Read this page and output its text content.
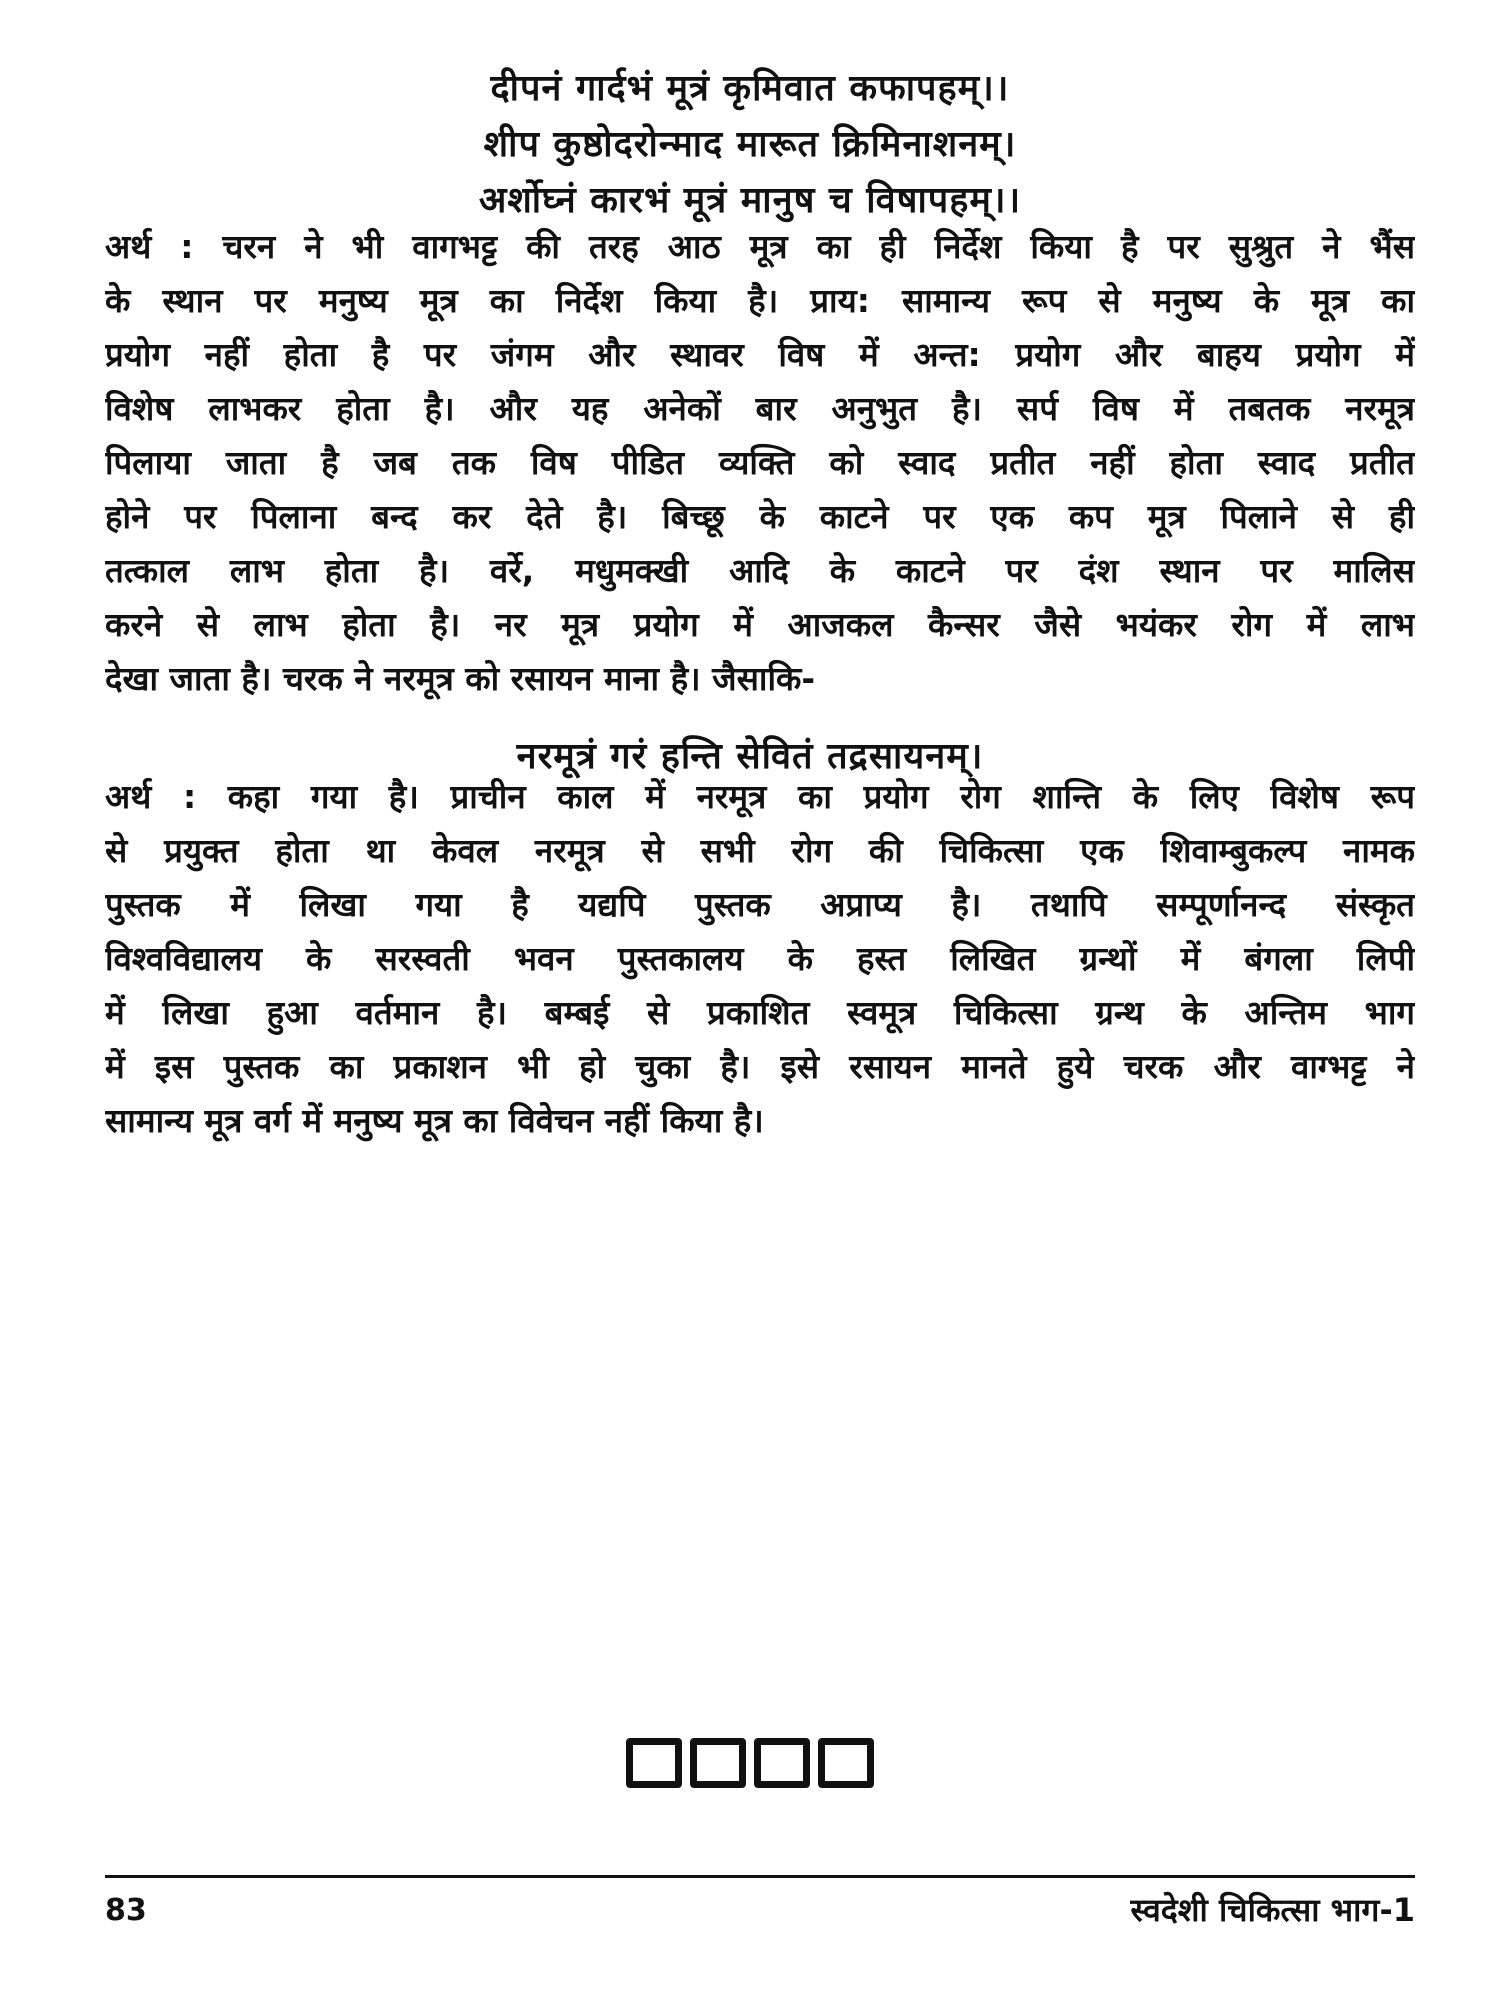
दीपनं गार्दभं मूत्रं कृमिवात कफापहम्।।
शीप कुष्ठोदरोन्माद मारूत क्रिमिनाशनम्।
अर्शोघ्नं कारभं मूत्रं मानुष च विषापहम्।।
अर्थ : चरन ने भी वागभट्ट की तरह आठ मूत्र का ही निर्देश किया है पर सुश्रुत ने भैंस
के स्थान पर मनुष्य मूत्र का निर्देश किया है। प्राय: सामान्य रूप से मनुष्य के मूत्र का
प्रयोग नहीं होता है पर जंगम और स्थावर विष में अन्त: प्रयोग और बाहय प्रयोग में
विशेष लाभकर होता है। और यह अनेकों बार अनुभुत है। सर्प विष में तबतक नरमूत्र
पिलाया जाता है जब तक विष पीडित व्यक्ति को स्वाद प्रतीत नहीं होता स्वाद प्रतीत
होने पर पिलाना बन्द कर देते है। बिच्छू के काटने पर एक कप मूत्र पिलाने से ही
तत्काल लाभ होता है। वर्रे, मधुमक्खी आदि के काटने पर दंश स्थान पर मालिस
करने से लाभ होता है। नर मूत्र प्रयोग में आजकल कैन्सर जैसे भयंकर रोग में लाभ
देखा जाता है। चरक ने नरमूत्र को रसायन माना है। जैसाकि-
नरमूत्रं गरं हन्ति सेवितं तद्रसायनम्।
अर्थ : कहा गया है। प्राचीन काल में नरमूत्र का प्रयोग रोग शान्ति के लिए विशेष रूप
से प्रयुक्त होता था केवल नरमूत्र से सभी रोग की चिकित्सा एक शिवाम्बुकल्प नामक
पुस्तक में लिखा गया है यद्यपि पुस्तक अप्राप्य है। तथापि सम्पूर्णानन्द संस्कृत
विश्वविद्यालय के सरस्वती भवन पुस्तकालय के हस्त लिखित ग्रन्थों में बंगला लिपी
में लिखा हुआ वर्तमान है। बम्बई से प्रकाशित स्वमूत्र चिकित्सा ग्रन्थ के अन्तिम भाग
में इस पुस्तक का प्रकाशन भी हो चुका है। इसे रसायन मानते हुये चरक और वाग्भट्ट ने
सामान्य मूत्र वर्ग में मनुष्य मूत्र का विवेचन नहीं किया है।
83	स्वदेशी चिकित्सा भाग-1
